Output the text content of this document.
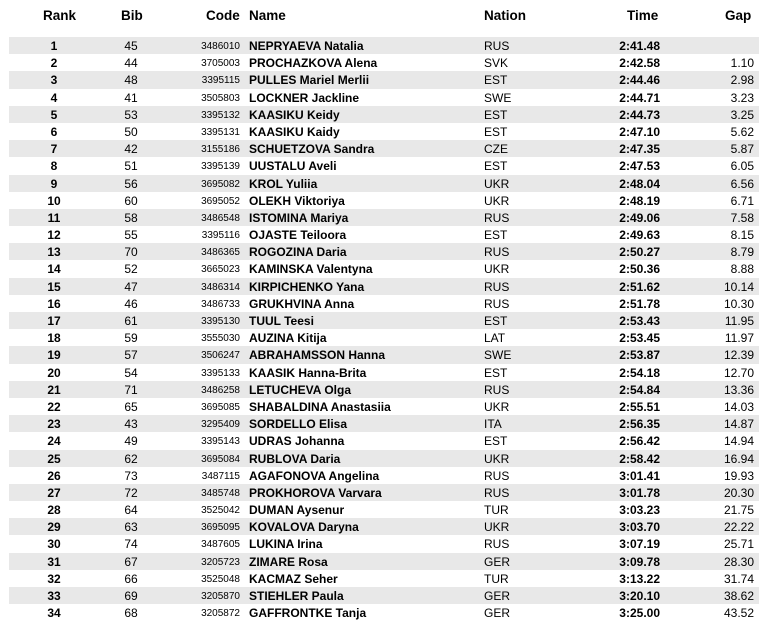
Rank	Bib	Code Name	Nation	Time	Gap
1	45	3486010 NEPRYAEVA Natalia	RUS	2:41.48
2	44	3705003 PROCHAZKOVA Alena	SVK	2:42.58	1.10
3	48	3395115 PULLES Mariel Merlii	EST	2:44.46	2.98
4	41	3505803 LOCKNER Jackline	SWE	2:44.71	3.23
5	53	3395132 KAASIKU Keidy	EST	2:44.73	3.25
6	50	3395131 KAASIKU Kaidy	EST	2:47.10	5.62
7	42	3155186 SCHUETZOVA Sandra	CZE	2:47.35	5.87
8	51	3395139 UUSTALU Aveli	EST	2:47.53	6.05
9	56	3695082 KROL Yuliia	UKR	2:48.04	6.56
10	60	3695052 OLEKH Viktoriya	UKR	2:48.19	6.71
11	58	3486548 ISTOMINA Mariya	RUS	2:49.06	7.58
12	55	3395116 OJASTE Teiloora	EST	2:49.63	8.15
13	70	3486365 ROGOZINA Daria	RUS	2:50.27	8.79
14	52	3665023 KAMINSKA Valentyna	UKR	2:50.36	8.88
15	47	3486314 KIRPICHENKO Yana	RUS	2:51.62	10.14
16	46	3486733 GRUKHVINA Anna	RUS	2:51.78	10.30
17	61	3395130 TUUL Teesi	EST	2:53.43	11.95
18	59	3555030 AUZINA Kitija	LAT	2:53.45	11.97
19	57	3506247 ABRAHAMSSON Hanna	SWE	2:53.87	12.39
20	54	3395133 KAASIK Hanna-Brita	EST	2:54.18	12.70
21	71	3486258 LETUCHEVA Olga	RUS	2:54.84	13.36
22	65	3695085 SHABALDINA Anastasiia	UKR	2:55.51	14.03
23	43	3295409 SORDELLO Elisa	ITA	2:56.35	14.87
24	49	3395143 UDRAS Johanna	EST	2:56.42	14.94
25	62	3695084 RUBLOVA Daria	UKR	2:58.42	16.94
26	73	3487115 AGAFONOVA Angelina	RUS	3:01.41	19.93
27	72	3485748 PROKHOROVA Varvara	RUS	3:01.78	20.30
28	64	3525042 DUMAN Aysenur	TUR	3:03.23	21.75
29	63	3695095 KOVALOVA Daryna	UKR	3:03.70	22.22
30	74	3487605 LUKINA Irina	RUS	3:07.19	25.71
31	67	3205723 ZIMARE Rosa	GER	3:09.78	28.30
32	66	3525048 KACMAZ Seher	TUR	3:13.22	31.74
33	69	3205870 STIEHLER Paula	GER	3:20.10	38.62
34	68	3205872 GAFFRONTKE Tanja	GER	3:25.00	43.52
